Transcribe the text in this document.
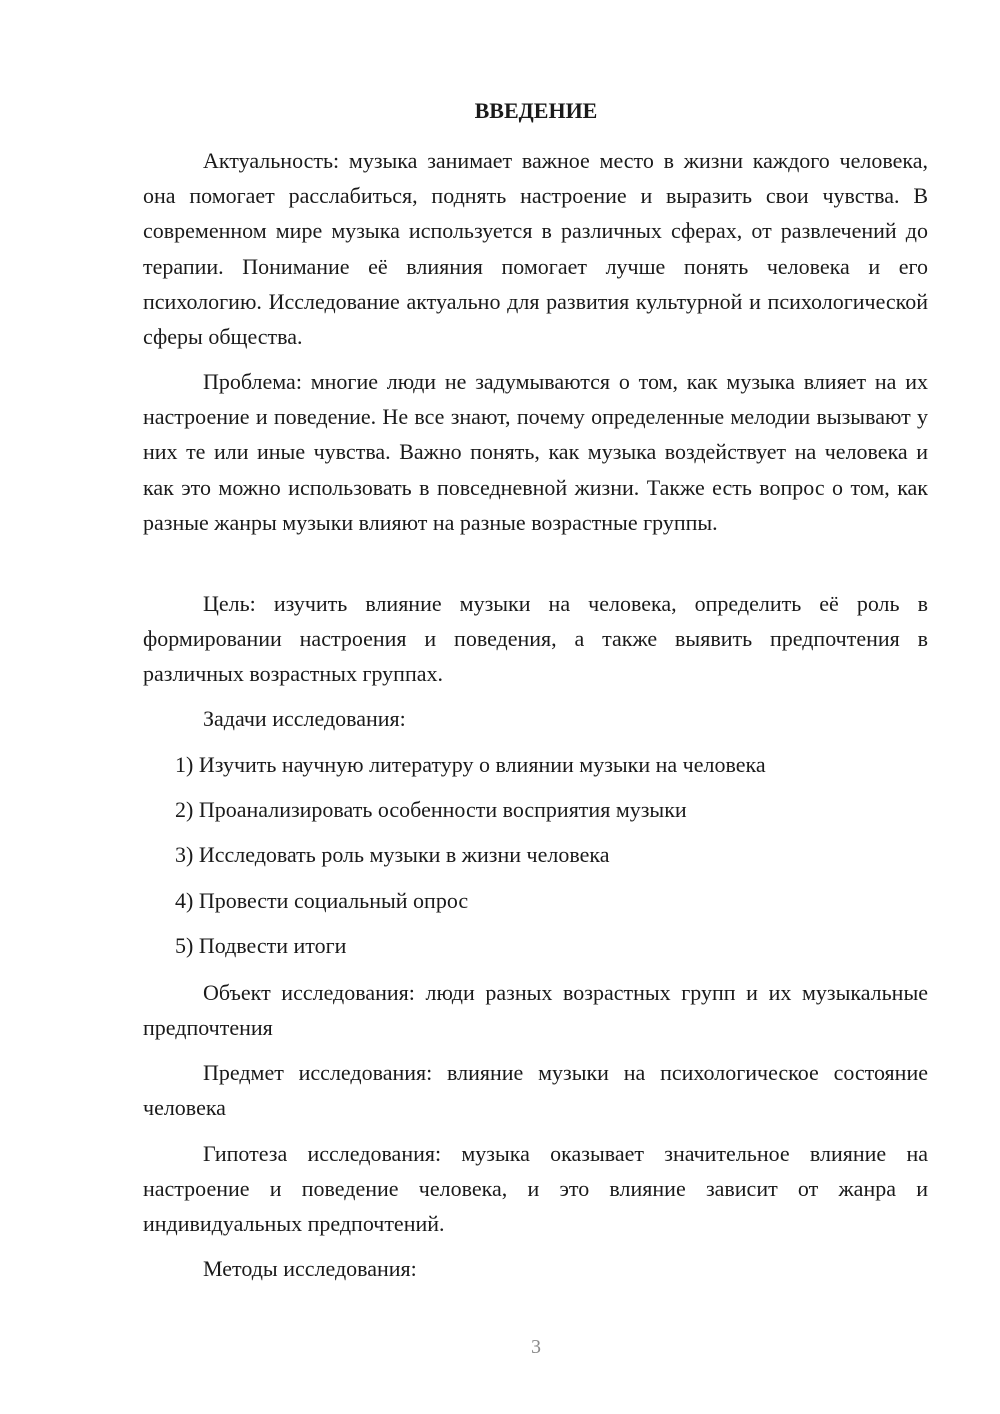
ВВЕДЕНИЕ

Актуальность: музыка занимает важное место в жизни каждого человека, она помогает расслабиться, поднять настроение и выразить свои чувства. В современном мире музыка используется в различных сферах, от развлечений до терапии. Понимание её влияния помогает лучше понять человека и его психологию. Исследование актуально для развития культурной и психологической сферы общества.

Проблема: многие люди не задумываются о том, как музыка влияет на их настроение и поведение. Не все знают, почему определенные мелодии вызывают у них те или иные чувства. Важно понять, как музыка воздействует на человека и как это можно использовать в повседневной жизни. Также есть вопрос о том, как разные жанры музыки влияют на разные возрастные группы.

Цель: изучить влияние музыки на человека, определить её роль в формировании настроения и поведения, а также выявить предпочтения в различных возрастных группах.

Задачи исследования:
1) Изучить научную литературу о влиянии музыки на человека
2) Проанализировать особенности восприятия музыки
3) Исследовать роль музыки в жизни человека
4) Провести социальный опрос
5) Подвести итоги

Объект исследования: люди разных возрастных групп и их музыкальные предпочтения

Предмет исследования: влияние музыки на психологическое состояние человека

Гипотеза исследования: музыка оказывает значительное влияние на настроение и поведение человека, и это влияние зависит от жанра и индивидуальных предпочтений.

Методы исследования:
3
